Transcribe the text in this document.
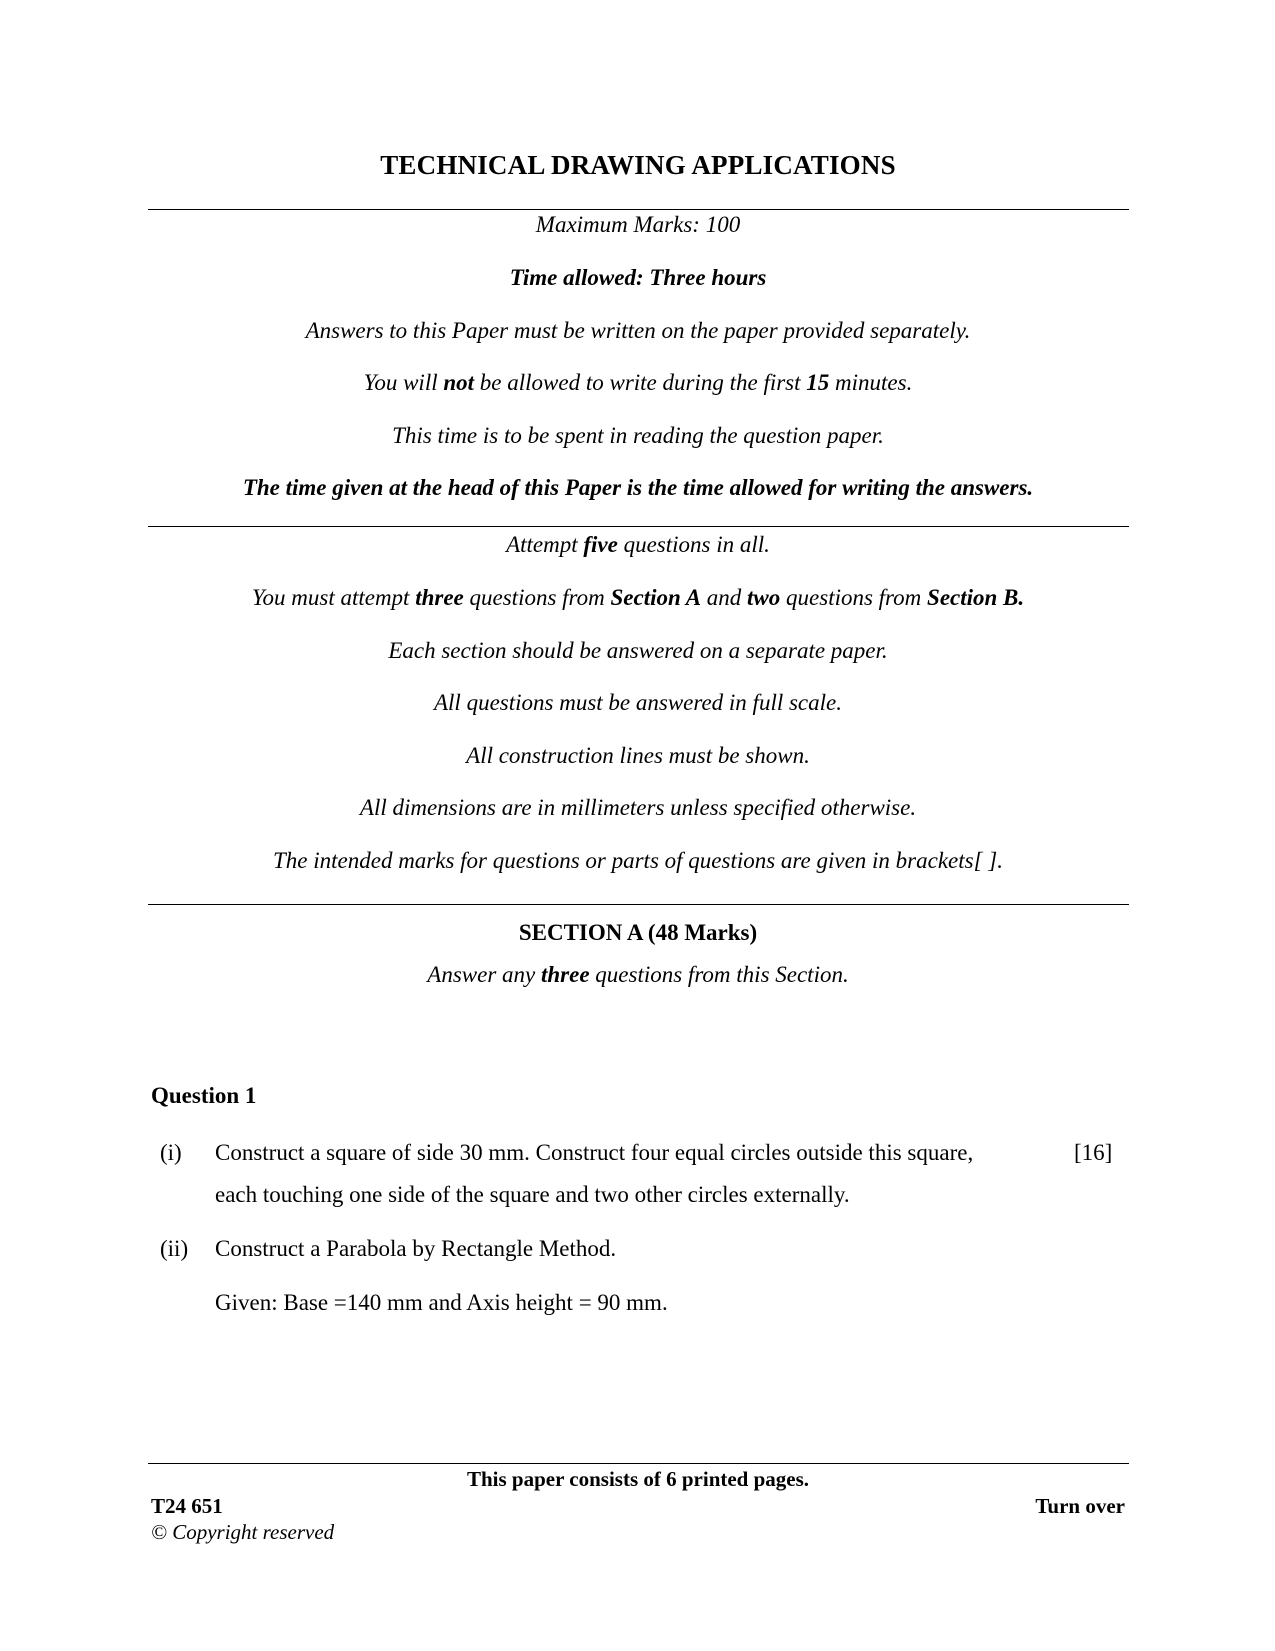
TECHNICAL DRAWING APPLICATIONS
Maximum Marks: 100
Time allowed: Three hours
Answers to this Paper must be written on the paper provided separately.
You will not be allowed to write during the first 15 minutes.
This time is to be spent in reading the question paper.
The time given at the head of this Paper is the time allowed for writing the answers.
Attempt five questions in all.
You must attempt three questions from Section A and two questions from Section B.
Each section should be answered on a separate paper.
All questions must be answered in full scale.
All construction lines must be shown.
All dimensions are in millimeters unless specified otherwise.
The intended marks for questions or parts of questions are given in brackets[ ].
SECTION A (48 Marks)
Answer any three questions from this Section.
Question 1
(i) Construct a square of side 30 mm. Construct four equal circles outside this square,	[16]
each touching one side of the square and two other circles externally.
(ii) Construct a Parabola by Rectangle Method.
Given: Base =140 mm and Axis height = 90 mm.
This paper consists of 6 printed pages.
T24 651	Turn over
© Copyright reserved
